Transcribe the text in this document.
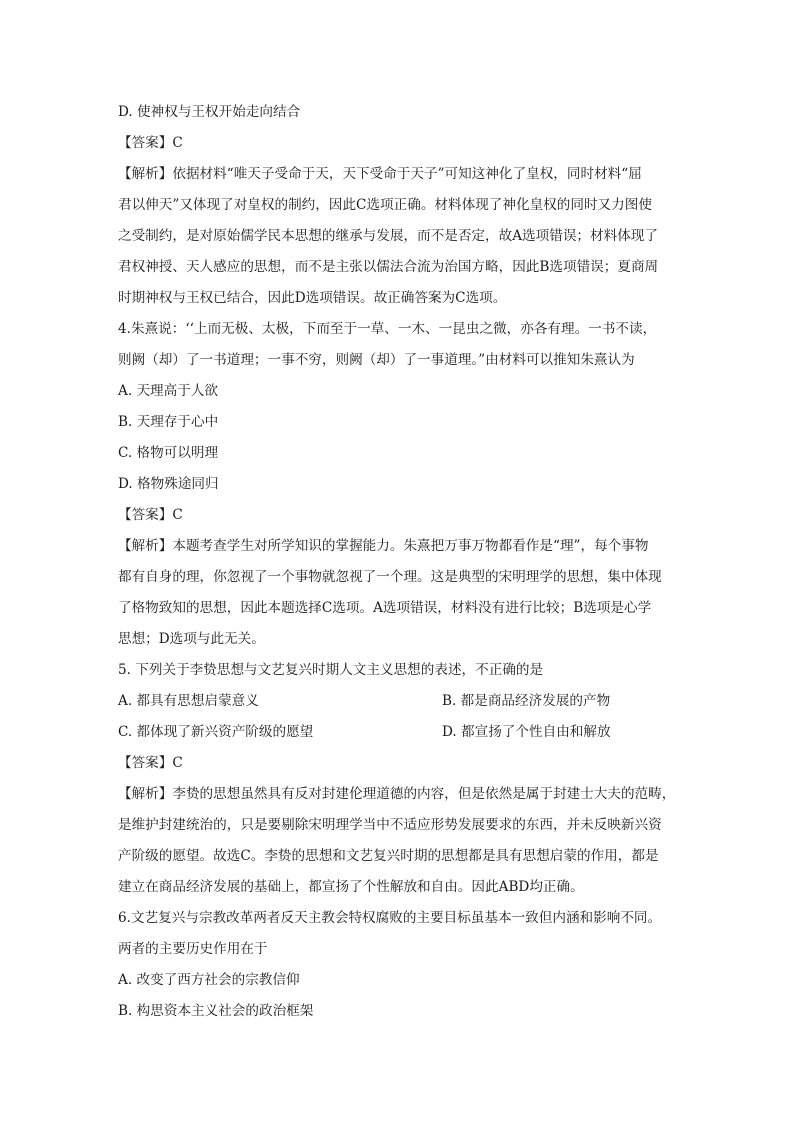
D. 使神权与王权开始走向结合
【答案】C
【解析】依据材料“唯天子受命于天，天下受命于天子”可知这神化了皇权，同时材料“屈
君以伸天”又体现了对皇权的制约，因此C选项正确。材料体现了神化皇权的同时又力图使
之受制约，是对原始儒学民本思想的继承与发展，而不是否定，故A选项错误；材料体现了
君权神授、天人感应的思想，而不是主张以儒法合流为治国方略，因此B选项错误；夏商周
时期神权与王权已结合，因此D选项错误。故正确答案为C选项。
4.朱熹说：‘‘上而无极、太极，下而至于一草、一木、一昆虫之微，亦各有理。一书不读，
则阙（却）了一书道理；一事不穷，则阙（却）了一事道理。”由材料可以推知朱熹认为
A. 天理高于人欲
B. 天理存于心中
C. 格物可以明理
D. 格物殊途同归
【答案】C
【解析】本题考查学生对所学知识的掌握能力。朱熹把万事万物都看作是“理”，每个事物
都有自身的理，你忽视了一个事物就忽视了一个理。这是典型的宋明理学的思想，集中体现
了格物致知的思想，因此本题选择C选项。A选项错误，材料没有进行比较；B选项是心学
思想；D选项与此无关。
5. 下列关于李贽思想与文艺复兴时期人文主义思想的表述，不正确的是
A. 都具有思想启蒙意义	B. 都是商品经济发展的产物
C. 都体现了新兴资产阶级的愿望	D. 都宣扬了个性自由和解放
【答案】C
【解析】李贽的思想虽然具有反对封建伦理道德的内容，但是依然是属于封建士大夫的范畴，
是维护封建统治的，只是要剔除宋明理学当中不适应形势发展要求的东西，并未反映新兴资
产阶级的愿望。故选C。李贽的思想和文艺复兴时期的思想都是具有思想启蒙的作用，都是
建立在商品经济发展的基础上，都宣扬了个性解放和自由。因此ABD均正确。
6.文艺复兴与宗教改革两者反天主教会特权腐败的主要目标虽基本一致但内涵和影响不同。
两者的主要历史作用在于
A. 改变了西方社会的宗教信仰
B. 构思资本主义社会的政治框架
